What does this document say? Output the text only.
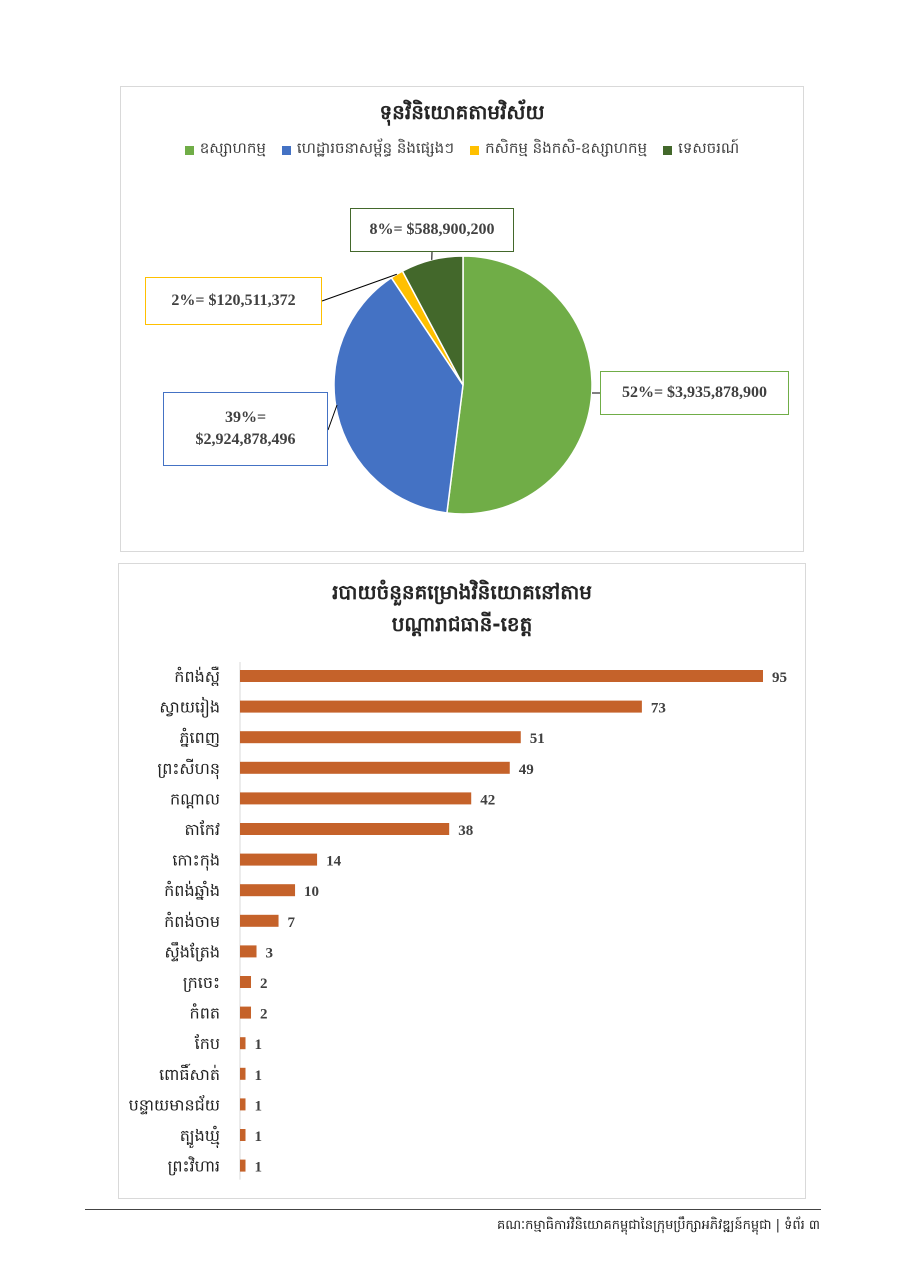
ទុនវិនិយោគតាមវិស័យ
ឧស្សាហកម្ម ហេដ្ឋារចនាសម្ព័ន្ធ និងផ្សេងៗ កសិកម្ម និងកសិ-ឧស្សាហកម្ម ទេសចរណ៍
8%= $588,900,200
2%= $120,511,372
52%= $3,935,878,900
39%=
$2,924,878,496
របាយចំនួនគម្រោងវិនិយោគនៅតាម
បណ្តារាជធានី-ខេត្ត
កំពង់ស្ពឺ	95
ស្វាយរៀង	73
ភ្នំពេញ	51
ព្រះសីហនុ	49
កណ្តាល	42
តាកែវ	38
កោះកុង	14
កំពង់ឆ្នាំង	10
កំពង់ចាម	7
ស្ទឹងត្រែង	3
ក្រចេះ	2
កំពត	2
កែប 1
ពោធិ៍សាត់ 1
បន្ទាយមានជ័យ 1
ត្បូងឃ្មុំ 1
ព្រះវិហារ 1
គណៈកម្មាធិការវិនិយោគកម្ពុជានៃក្រុមប្រឹក្សាអភិវឌ្ឍន៍កម្ពុជា | ទំព័រ ៣
